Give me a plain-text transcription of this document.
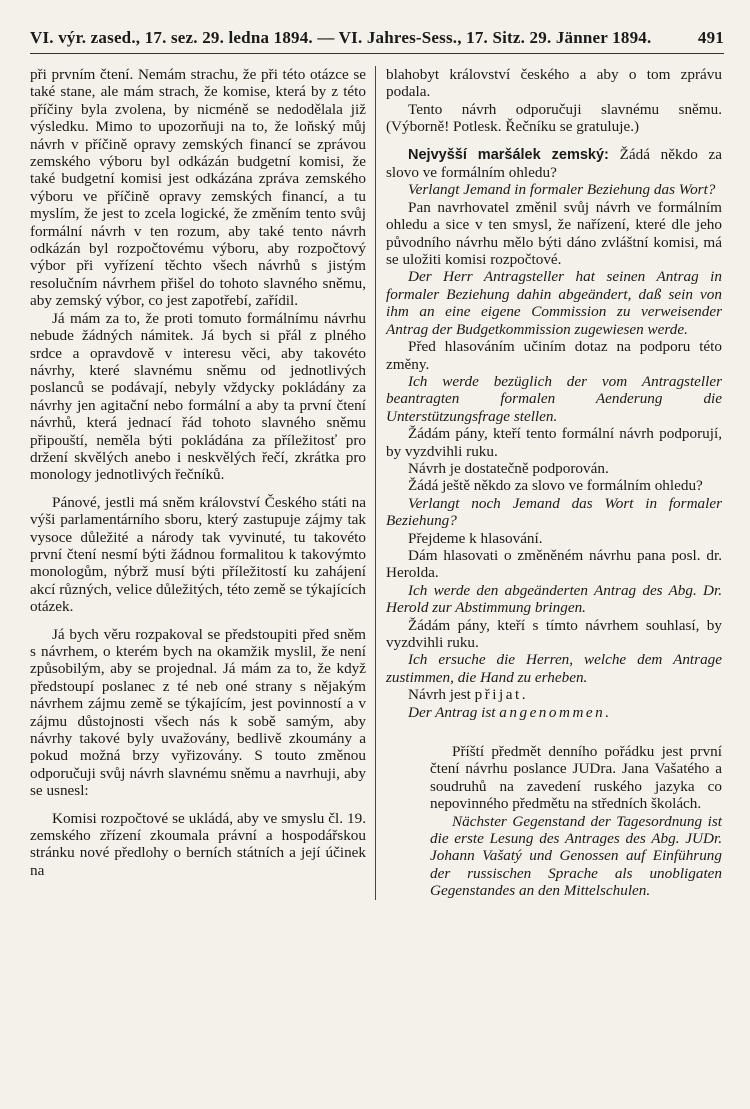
VI. výr. zased., 17. sez. 29. ledna 1894. — VI. Jahres-Sess., 17. Sitz. 29. Jänner 1894.	491

při prvním čtení. Nemám strachu, že při této otázce se také stane, ale mám strach, že komise, která by z této příčiny byla zvolena, by nicméně se nedodělala již výsledku. Mimo to upozorňuji na to, že loňský můj návrh v příčině opravy zemských financí se zprávou zemského výboru byl odkázán budgetní komisi, že také budgetní komisi jest odkázána zpráva zemského výboru ve příčině opravy zemských financí, a tu myslím, že jest to zcela logické, že změním tento svůj formální návrh v ten rozum, aby také tento návrh odkázán byl rozpočtovému výboru, aby rozpočtový výbor při vyřízení těchto všech návrhů s jistým resolučním návrhem přišel do tohoto slavného sněmu, aby zemský výbor, co jest zapotřebí, zařídil.

Já mám za to, že proti tomuto formálnímu návrhu nebude žádných námitek. Já bych si přál z plného srdce a opravdově v interesu věci, aby takovéto návrhy, které slavnému sněmu od jednotlivých poslanců se podávají, nebyly vždycky pokládány za návrhy jen agitační nebo formální a aby ta první čtení návrhů, která jednací řád tohoto slavného sněmu připouští, neměla býti pokládána za příležitosť pro držení skvělých anebo i neskvělých řečí, zkrátka pro monology jednotlivých řečníků.

Pánové, jestli má sněm království Českého státi na výši parlamentárního sboru, který zastupuje zájmy tak vysoce důležité a národy tak vyvinuté, tu takovéto první čtení nesmí býti žádnou formalitou k takovýmto monologům, nýbrž musí býti příležitostí ku zahájení akcí různých, velice důležitých, této země se týkajících otázek.

Já bych věru rozpakoval se předstoupiti před sněm s návrhem, o kterém bych na okamžik myslil, že není způsobilým, aby se projednal. Já mám za to, že když předstoupí poslanec z té neb oné strany s nějakým návrhem zájmu země se týkajícím, jest povinností a v zájmu důstojnosti všech nás k sobě samým, aby návrhy takové byly uvažovány, bedlivě zkoumány a pokud možná brzy vyřizovány. S touto změnou odporučuji svůj návrh slavnému sněmu a navrhuji, aby se usnesl:

Komisi rozpočtové se ukládá, aby ve smyslu čl. 19. zemského zřízení zkoumala právní a hospodářskou stránku nové předlohy o berních státních a její účinek na

blahobyt království českého a aby o tom zprávu podala.

Tento návrh odporučuji slavnému sněmu. (Výborně! Potlesk. Řečníku se gratuluje.)

Nejvyšší maršálek zemský: Žádá někdo za slovo ve formálním ohledu?

Verlangt Jemand in formaler Beziehung das Wort?

Pan navrhovatel změnil svůj návrh ve formálním ohledu a sice v ten smysl, že nařízení, které dle jeho původního návrhu mělo býti dáno zvláštní komisi, má se uložiti komisi rozpočtové.

Der Herr Antragsteller hat seinen Antrag in formaler Beziehung dahin abgeändert, daß sein von ihm an eine eigene Commission zu verweisender Antrag der Budgetkommission zugewiesen werde.

Před hlasováním učiním dotaz na podporu této změny.

Ich werde bezüglich der vom Antragsteller beantragten formalen Aenderung die Unterstützungsfrage stellen.

Žádám pány, kteří tento formální návrh podporují, by vyzdvihli ruku.

Návrh je dostatečně podporován.

Žádá ještě někdo za slovo ve formálním ohledu?

Verlangt noch Jemand das Wort in formaler Beziehung?

Přejdeme k hlasování.

Dám hlasovati o změněném návrhu pana posl. dr. Herolda.

Ich werde den abgeänderten Antrag des Abg. Dr. Herold zur Abstimmung bringen.

Žádám pány, kteří s tímto návrhem souhlasí, by vyzdvihli ruku.

Ich ersuche die Herren, welche dem Antrage zustimmen, die Hand zu erheben.

Návrh jest přijat.

Der Antrag ist angenommen.

Příští předmět denního pořádku jest první čtení návrhu poslance JUDra. Jana Vašatého a soudruhů na zavedení ruského jazyka co nepovinného předmětu na středních školách.

Nächster Gegenstand der Tagesordnung ist die erste Lesung des Antrages des Abg. JUDr. Johann Vašatý und Genossen auf Einführung der russischen Sprache als unobligaten Gegenstandes an den Mittelschulen.
